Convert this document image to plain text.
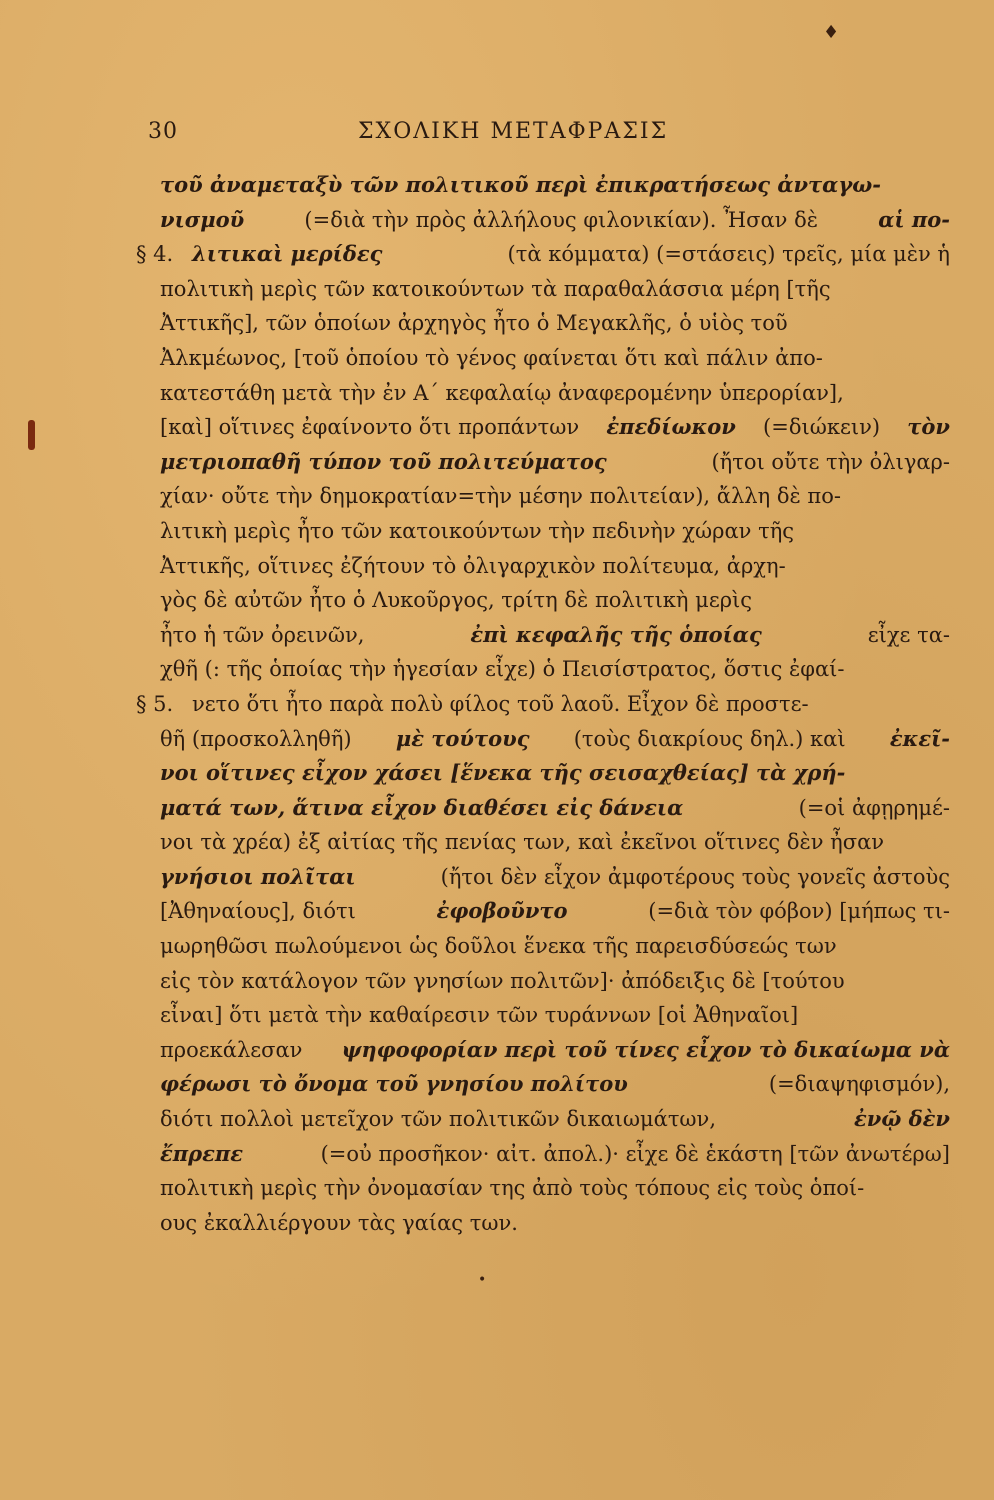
♦
30	ΣΧΟΛΙΚΗ ΜΕΤΑΦΡΑΣΙΣ
τοῦ ἀναμεταξὺ τῶν πολιτικοῦ περὶ ἐπικρατήσεως ἀνταγω-
νισμοῦ	(=διὰ τὴν πρὸς ἀλλήλους φιλονικίαν). Ἦσαν δὲ	αἱ πο-
§ 4. λιτικαὶ μερίδες	(τὰ κόμματα) (=στάσεις) τρεῖς, μία μὲν ἡ
πολιτικὴ μερὶς τῶν κατοικούντων τὰ παραθαλάσσια μέρη [τῆς
Ἀττικῆς], τῶν ὁποίων ἀρχηγὸς ἦτο ὁ Μεγακλῆς, ὁ υἱὸς τοῦ
Ἀλκμέωνος, [τοῦ ὁποίου τὸ γένος φαίνεται ὅτι καὶ πάλιν ἀπο-
κατεστάθη μετὰ τὴν ἐν Α΄ κεφαλαίῳ ἀναφερομένην ὑπερορίαν],
[καὶ] οἵτινες ἐφαίνοντο ὅτι προπάντων ἐπεδίωκον (=διώκειν) τὸν
μετριοπαθῆ τύπον τοῦ πολιτεύματος	(ἤτοι οὔτε τὴν ὀλιγαρ-
χίαν· οὔτε τὴν δημοκρατίαν=τὴν μέσην πολιτείαν), ἄλλη δὲ πο-
λιτικὴ μερὶς ἦτο τῶν κατοικούντων τὴν πεδινὴν χώραν τῆς
Ἀττικῆς, οἵτινες ἐζήτουν τὸ ὀλιγαρχικὸν πολίτευμα, ἀρχη-
γὸς δὲ αὐτῶν ἦτο ὁ Λυκοῦργος, τρίτη δὲ πολιτικὴ μερὶς
ἦτο ἡ τῶν ὀρεινῶν,	ἐπὶ κεφαλῆς τῆς ὁποίας	εἶχε τα-
χθῆ (: τῆς ὁποίας τὴν ἡγεσίαν εἶχε) ὁ Πεισίστρατος, ὅστις ἐφαί-
§ 5. νετο ὅτι ἦτο παρὰ πολὺ φίλος τοῦ λαοῦ. Εἶχον δὲ προστε-
θῆ (προσκολληθῆ) μὲ τούτους (τοὺς διακρίους δηλ.) καὶ ἐκεῖ-
νοι οἵτινες εἶχον χάσει [ἕνεκα τῆς σεισαχθείας] τὰ χρή-
ματά των, ἅτινα εἶχον διαθέσει εἰς δάνεια	(=οἱ ἀφῃρημέ-
νοι τὰ χρέα) ἐξ αἰτίας τῆς πενίας των, καὶ ἐκεῖνοι οἵτινες δὲν ἦσαν
γνήσιοι πολῖται	(ἤτοι δὲν εἶχον ἀμφοτέρους τοὺς γονεῖς ἀστοὺς
[Ἀθηναίους], διότι	ἐφοβοῦντο	(=διὰ τὸν φόβον) [μήπως τι-
μωρηθῶσι πωλούμενοι ὡς δοῦλοι ἕνεκα τῆς παρεισδύσεώς των
εἰς τὸν κατάλογον τῶν γνησίων πολιτῶν]· ἀπόδειξις δὲ [τούτου
εἶναι] ὅτι μετὰ τὴν καθαίρεσιν τῶν τυράννων [οἱ Ἀθηναῖοι]
προεκάλεσαν ψηφοφορίαν περὶ τοῦ τίνες εἶχον τὸ δικαίωμα νὰ
φέρωσι τὸ ὄνομα τοῦ γνησίου πολίτου	(=διαψηφισμόν),
διότι πολλοὶ μετεῖχον τῶν πολιτικῶν δικαιωμάτων,	ἐνῷ δὲν
ἔπρεπε	(=οὐ προσῆκον· αἰτ. ἀπολ.)· εἶχε δὲ ἑκάστη [τῶν ἀνωτέρω]
πολιτικὴ μερὶς τὴν ὀνομασίαν της ἀπὸ τοὺς τόπους εἰς τοὺς ὁποί-
ους ἐκαλλιέργουν τὰς γαίας των.
•
